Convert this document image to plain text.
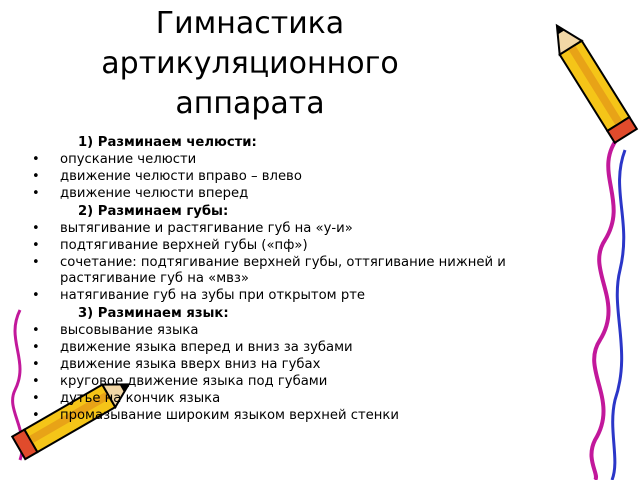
Гимнастика
артикуляционного
аппарата
1) Разминаем челюсти:
• опускание челюсти
• движение челюсти вправо – влево
• движение челюсти вперед
2) Разминаем губы:
• вытягивание и растягивание губ на «у-и»
• подтягивание верхней губы («пф»)
• сочетание: подтягивание верхней губы, оттягивание нижней и растягивание губ на «мвз»
• натягивание губ на зубы при открытом рте
3) Разминаем язык:
• высовывание языка
• движение языка вперед и вниз за зубами
• движение языка вверх вниз на губах
• круговое движение языка под губами
• дутье на кончик языка
• промазывание широким языком верхней стенки
